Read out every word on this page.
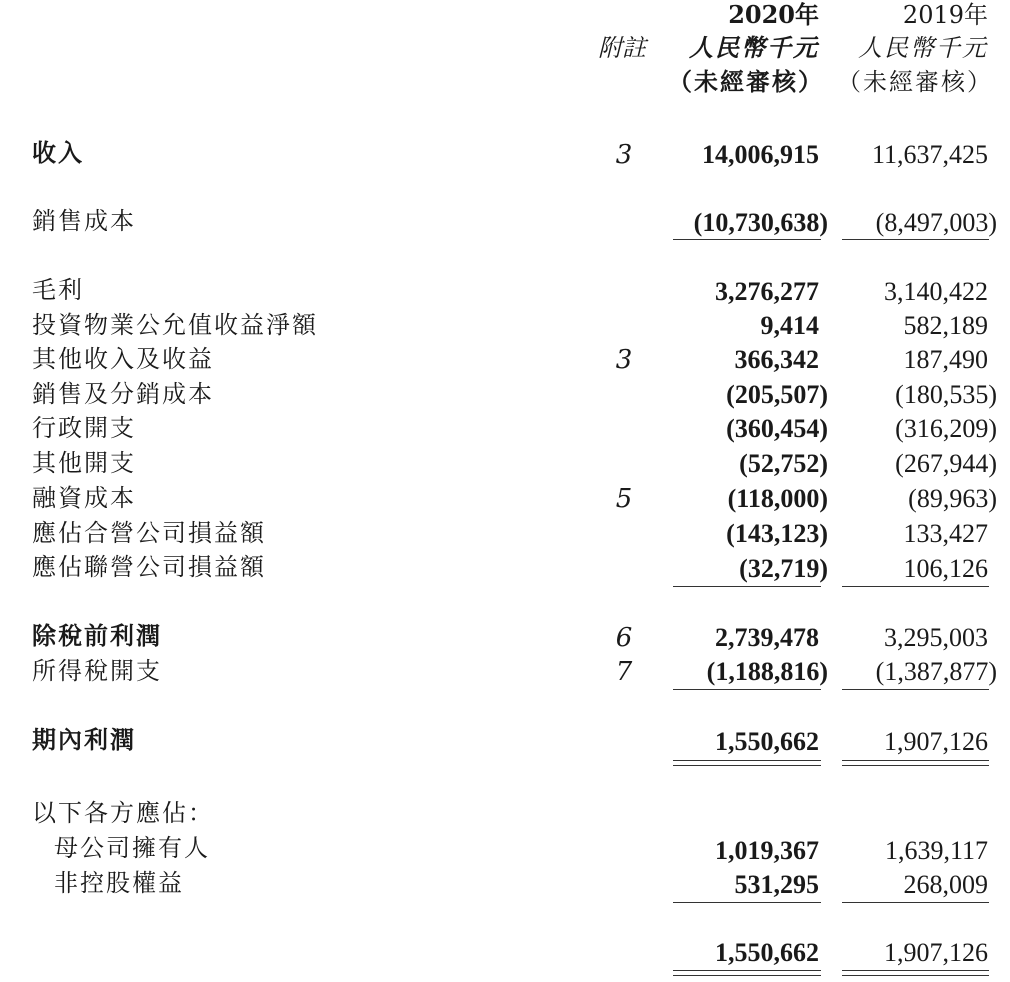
2020年	2019年
附註 人民幣千元 人民幣千元
（未經審核） （未經審核）
收入	3	14,006,915 11,637,425
銷售成本	(10,730,638) (8,497,003)
毛利	3,276,277	3,140,422
投資物業公允值收益淨額	9,414	582,189
其他收入及收益	3	366,342	187,490
銷售及分銷成本	(205,507)	(180,535)
行政開支	(360,454)	(316,209)
其他開支	(52,752)	(267,944)
融資成本	5	(118,000)	(89,963)
應佔合營公司損益額	(143,123)	133,427
應佔聯營公司損益額	(32,719)	106,126
除稅前利潤	6	2,739,478	3,295,003
所得稅開支	7	(1,188,816) (1,387,877)
期內利潤	1,550,662	1,907,126
以下各方應佔：
母公司擁有人	1,019,367	1,639,117
非控股權益	531,295	268,009
1,550,662	1,907,126
